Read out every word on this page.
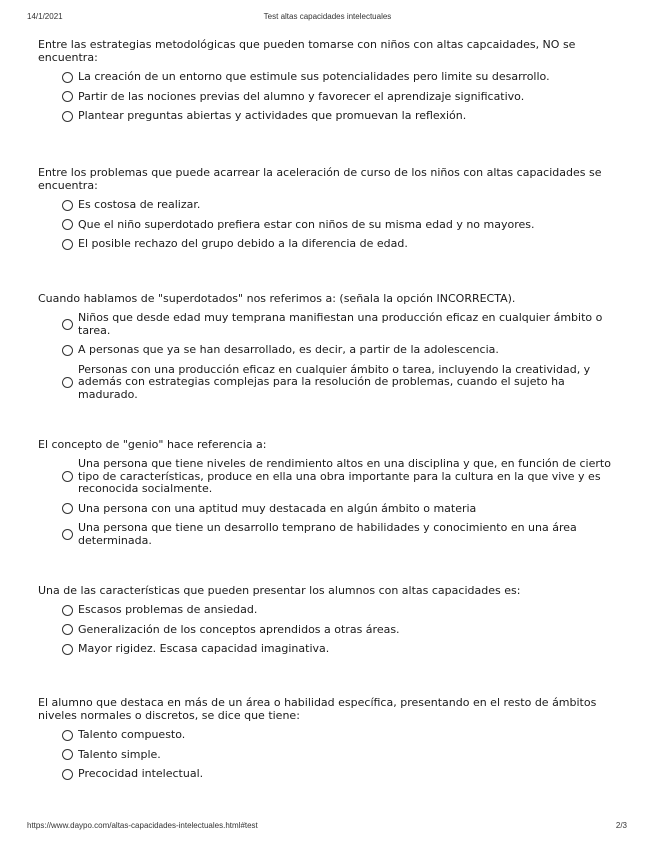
14/1/2021	Test altas capacidades intelectuales

Entre las estrategias metodológicas que pueden tomarse con niños con altas capcaidades, NO se encuentra:

La creación de un entorno que estimule sus potencialidades pero limite su desarrollo.
Partir de las nociones previas del alumno y favorecer el aprendizaje significativo.
Plantear preguntas abiertas y actividades que promuevan la reflexión.

Entre los problemas que puede acarrear la aceleración de curso de los niños con altas capacidades se encuentra:

Es costosa de realizar.
Que el niño superdotado prefiera estar con niños de su misma edad y no mayores.
El posible rechazo del grupo debido a la diferencia de edad.

Cuando hablamos de "superdotados" nos referimos a: (señala la opción INCORRECTA).

Niños que desde edad muy temprana manifiestan una producción eficaz en cualquier ámbito o tarea.
A personas que ya se han desarrollado, es decir, a partir de la adolescencia.
Personas con una producción eficaz en cualquier ámbito o tarea, incluyendo la creatividad, y además con estrategias complejas para la resolución de problemas, cuando el sujeto ha madurado.

El concepto de "genio" hace referencia a:

Una persona que tiene niveles de rendimiento altos en una disciplina y que, en función de cierto tipo de características, produce en ella una obra importante para la cultura en la que vive y es reconocida socialmente.
Una persona con una aptitud muy destacada en algún ámbito o materia
Una persona que tiene un desarrollo temprano de habilidades y conocimiento en una área determinada.

Una de las características que pueden presentar los alumnos con altas capacidades es:

Escasos problemas de ansiedad.
Generalización de los conceptos aprendidos a otras áreas.
Mayor rigidez. Escasa capacidad imaginativa.

El alumno que destaca en más de un área o habilidad específica, presentando en el resto de ámbitos niveles normales o discretos, se dice que tiene:

Talento compuesto.
Talento simple.
Precocidad intelectual.
https://www.daypo.com/altas-capacidades-intelectuales.html#test	2/3
